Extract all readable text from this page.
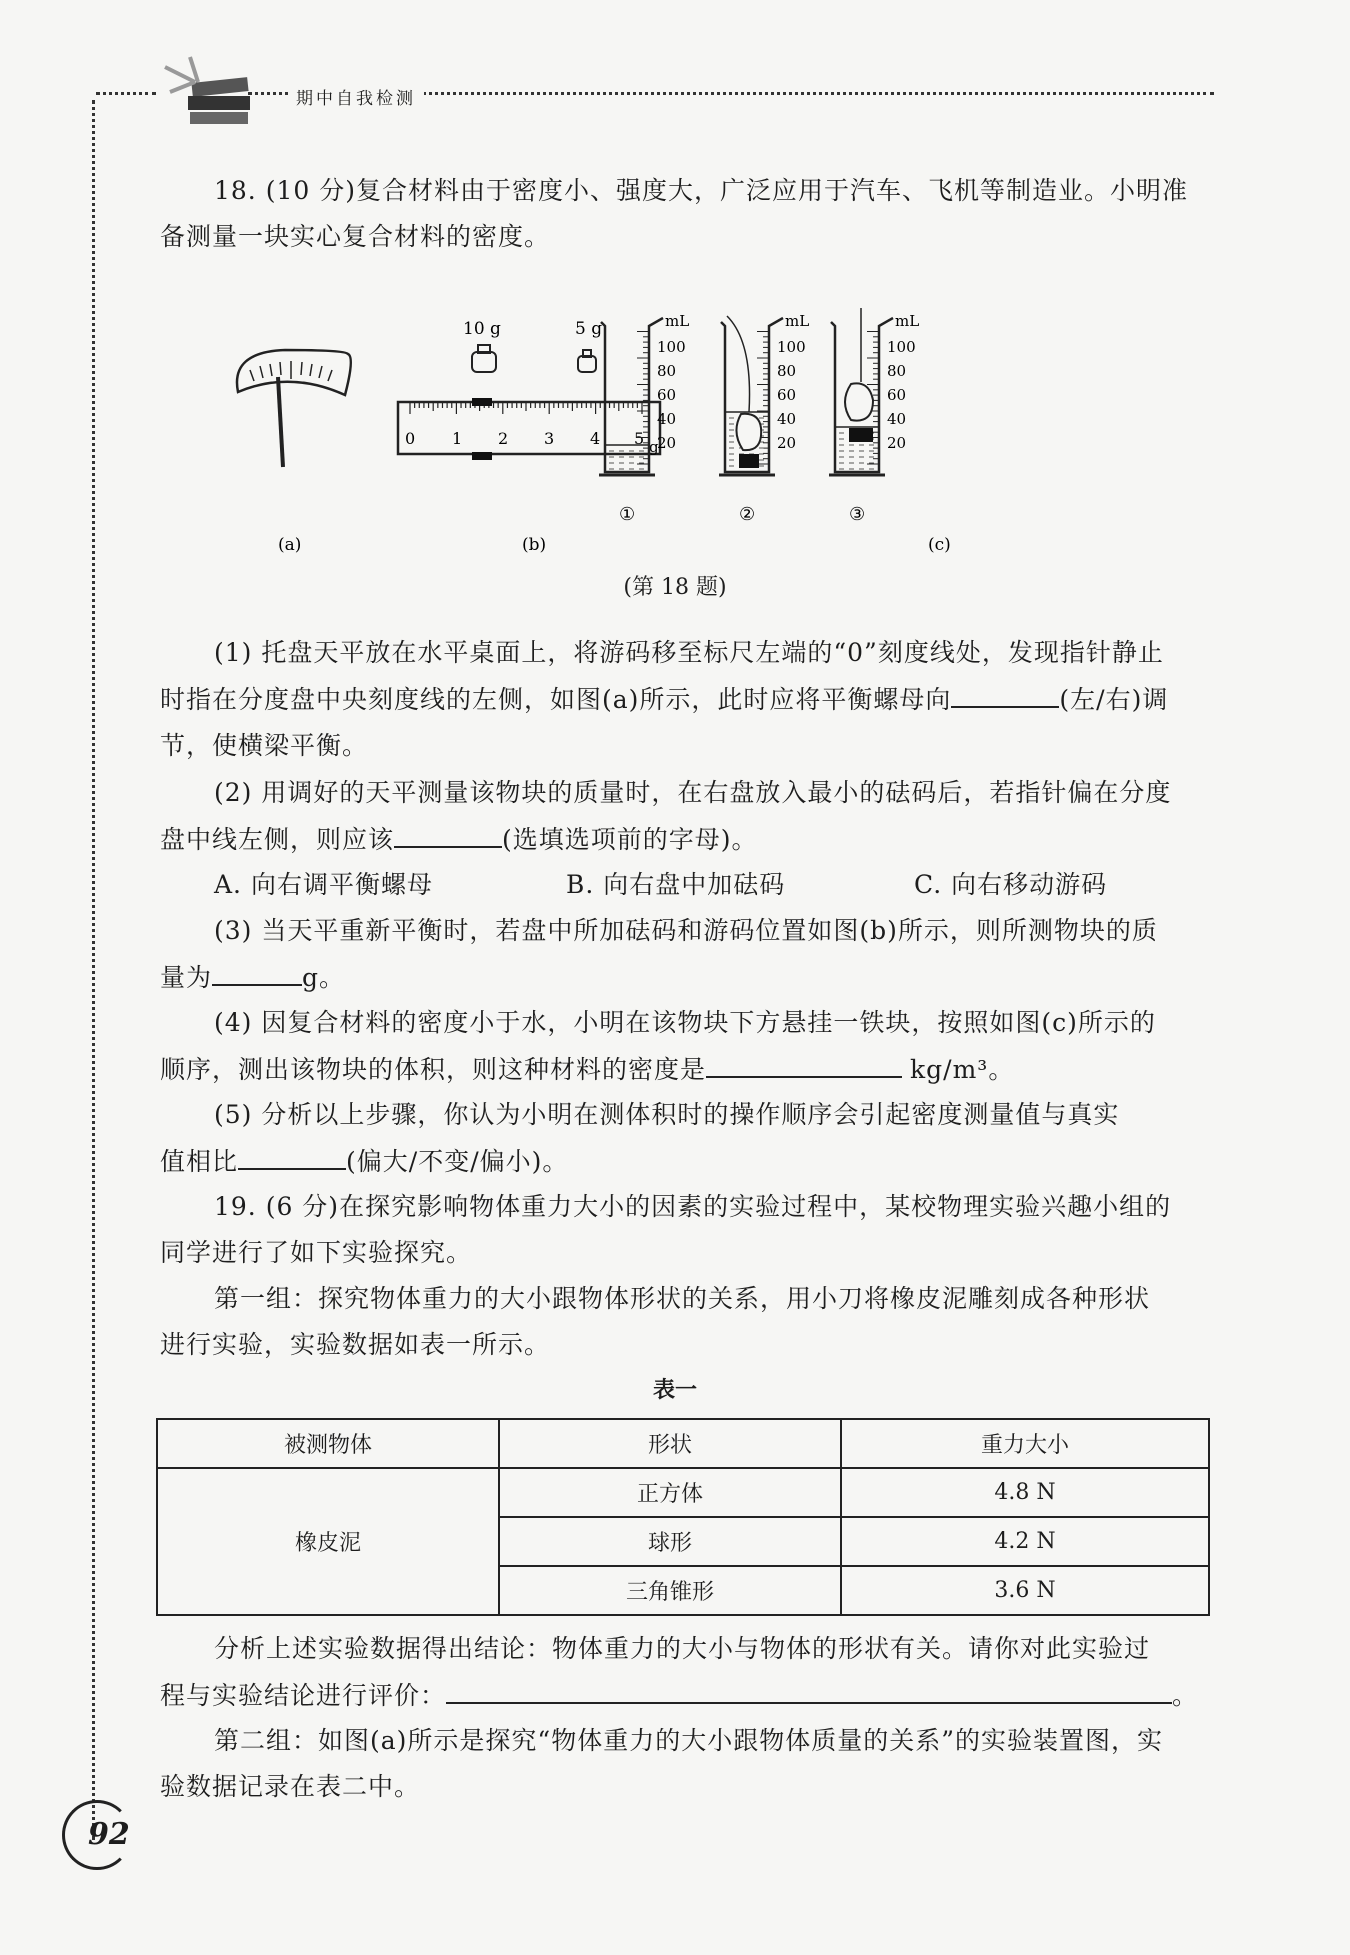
期中自我检测
18. (10 分)复合材料由于密度小、强度大，广泛应用于汽车、飞机等制造业。小明准
备测量一块实心复合材料的密度。
(a)
10 g	5 g
0 1 2 3 4 5 g
(b)
mL
100
80
60
40
20
①
mL
100
80
60
40
20
②
mL
100
80
60
40
20
③
(c)
(第 18 题)
(1) 托盘天平放在水平桌面上，将游码移至标尺左端的“0”刻度线处，发现指针静止
时指在分度盘中央刻度线的左侧，如图(a)所示，此时应将平衡螺母向	(左/右)调
节，使横梁平衡。
(2) 用调好的天平测量该物块的质量时，在右盘放入最小的砝码后，若指针偏在分度
盘中线左侧，则应该	(选填选项前的字母)。
A. 向右调平衡螺母	B. 向右盘中加砝码	C. 向右移动游码
(3) 当天平重新平衡时，若盘中所加砝码和游码位置如图(b)所示，则所测物块的质
量为	g。
(4) 因复合材料的密度小于水，小明在该物块下方悬挂一铁块，按照如图(c)所示的
顺序，测出该物块的体积，则这种材料的密度是	kg/m³。
(5) 分析以上步骤，你认为小明在测体积时的操作顺序会引起密度测量值与真实
值相比	(偏大/不变/偏小)。
19. (6 分)在探究影响物体重力大小的因素的实验过程中，某校物理实验兴趣小组的
同学进行了如下实验探究。
第一组：探究物体重力的大小跟物体形状的关系，用小刀将橡皮泥雕刻成各种形状
进行实验，实验数据如表一所示。
表一
被测物体	形状	重力大小
橡皮泥	正方体	4.8 N
	球形	4.2 N
	三角锥形	3.6 N
分析上述实验数据得出结论：物体重力的大小与物体的形状有关。请你对此实验过
程与实验结论进行评价：	。
第二组：如图(a)所示是探究“物体重力的大小跟物体质量的关系”的实验装置图，实
验数据记录在表二中。
92
